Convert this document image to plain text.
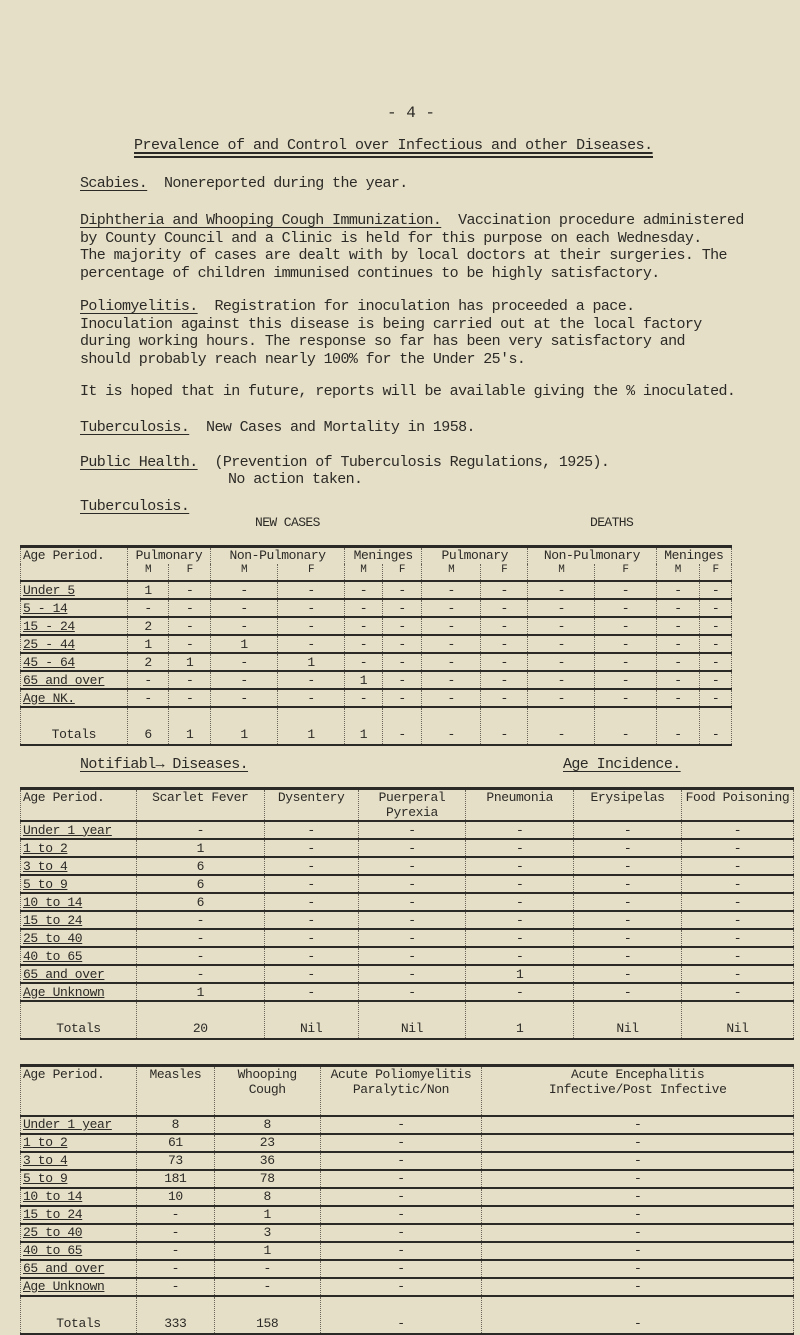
- 4 -
Prevalence of and Control over Infectious and other Diseases.
Scabies. Nonereported during the year.
Diphtheria and Whooping Cough Immunization. Vaccination procedure administered
by County Council and a Clinic is held for this purpose on each Wednesday.
The majority of cases are dealt with by local doctors at their surgeries. The
percentage of children immunised continues to be highly satisfactory.
Poliomyelitis. Registration for inoculation has proceeded a pace.
Inoculation against this disease is being carried out at the local factory
during working hours. The response so far has been very satisfactory and
should probably reach nearly 100% for the Under 25's.
It is hoped that in future, reports will be available giving the % inoculated.
Tuberculosis. New Cases and Mortality in 1958.
Public Health. (Prevention of Tuberculosis Regulations, 1925).
No action taken.
Tuberculosis.
NEW CASES	DEATHS
Age Period.	Pulmonary		Non-Pulmonary		Meninges		Pulmonary		Non-Pulmonary		Meninges	
	M	F	M	F	M	F	M	F	M	F	M	F
Under 5	1	-	-	-	-	-	-	-	-	-	-	-
5 - 14	-	-	-	-	-	-	-	-	-	-	-	-
15 - 24	2	-	-	-	-	-	-	-	-	-	-	-
25 - 44	1	-	1	-	-	-	-	-	-	-	-	-
45 - 64	2	1	-	1	-	-	-	-	-	-	-	-
65 and over	-	-	-	-	1	-	-	-	-	-	-	-
Age NK.	-	-	-	-	-	-	-	-	-	-	-	-
Totals	6	1	1	1	1	-	-	-	-	-	-	-
Notifiabl→ Diseases.	Age Incidence.
Age Period.	Scarlet Fever	Dysentery	Puerperal Pyrexia	Pneumonia	Erysipelas	Food Poisoning
Under 1 year	-	-	-	-	-	-
1 to 2	1	-	-	-	-	-
3 to 4	6	-	-	-	-	-
5 to 9	6	-	-	-	-	-
10 to 14	6	-	-	-	-	-
15 to 24	-	-	-	-	-	-
25 to 40	-	-	-	-	-	-
40 to 65	-	-	-	-	-	-
65 and over	-	-	-	1	-	-
Age Unknown	1	-	-	-	-	-
Totals	20	Nil	Nil	1	Nil	Nil
Age Period.	Measles	Whooping Cough	Acute Poliomyelitis Paralytic/Non	Acute Encephalitis Infective/Post Infective
Under 1 year	8	8	-	-
1 to 2	61	23	-	-
3 to 4	73	36	-	-
5 to 9	181	78	-	-
10 to 14	10	8	-	-
15 to 24	-	1	-	-
25 to 40	-	3	-	-
40 to 65	-	1	-	-
65 and over	-	-	-	-
Age Unknown	-	-	-	-
Totals	333	158	-	-
